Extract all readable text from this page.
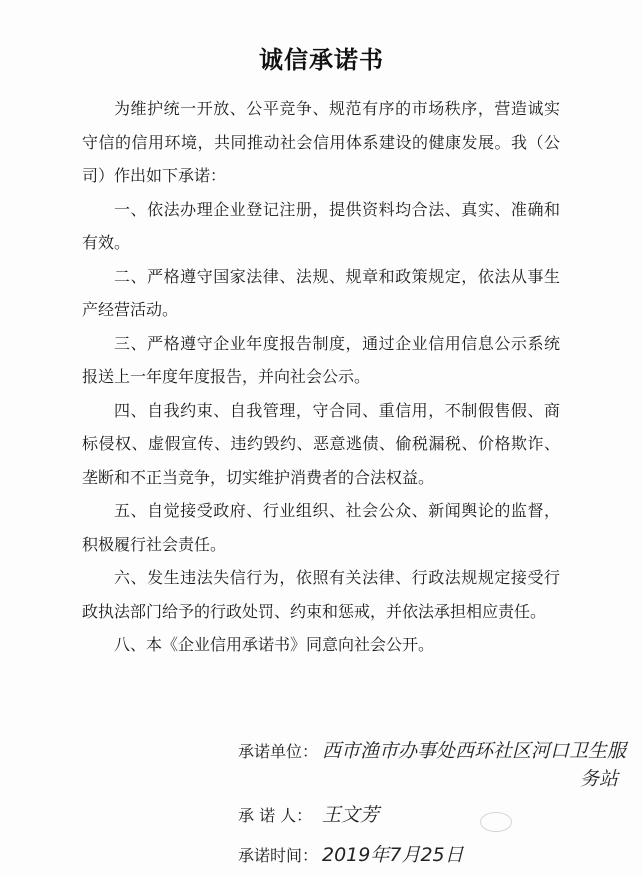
诚信承诺书

为维护统一开放、公平竞争、规范有序的市场秩序，营造诚实守信的信用环境，共同推动社会信用体系建设的健康发展。我（公司）作出如下承诺：

一、依法办理企业登记注册，提供资料均合法、真实、准确和有效。

二、严格遵守国家法律、法规、规章和政策规定，依法从事生产经营活动。

三、严格遵守企业年度报告制度，通过企业信用信息公示系统报送上一年度年度报告，并向社会公示。

四、自我约束、自我管理，守合同、重信用，不制假售假、商标侵权、虚假宣传、违约毁约、恶意逃债、偷税漏税、价格欺诈、垄断和不正当竞争，切实维护消费者的合法权益。

五、自觉接受政府、行业组织、社会公众、新闻舆论的监督，积极履行社会责任。

六、发生违法失信行为，依照有关法律、行政法规规定接受行政执法部门给予的行政处罚、约束和惩戒，并依法承担相应责任。

八、本《企业信用承诺书》同意向社会公开。

承诺单位： 西市渔市办事处西环社区河口卫生服
务站
承 诺 人： 王文芳
承诺时间： 2019年7月25日
